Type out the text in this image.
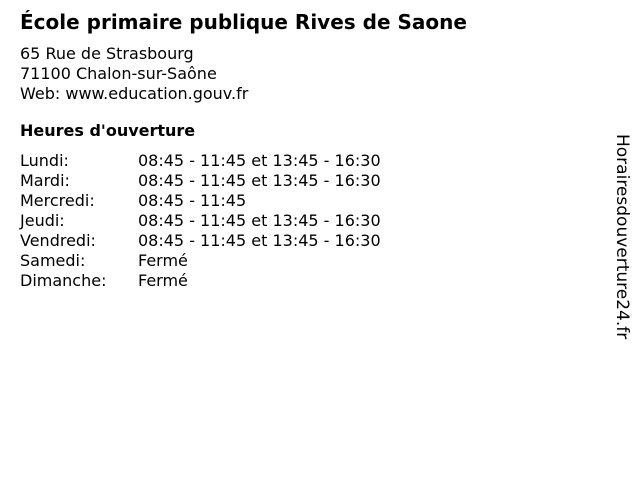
École primaire publique Rives de Saone
65 Rue de Strasbourg
71100 Chalon-sur-Saône
Web: www.education.gouv.fr
Heures d'ouverture
Lundi:	08:45 - 11:45 et 13:45 - 16:30
Mardi:	08:45 - 11:45 et 13:45 - 16:30
Mercredi:	08:45 - 11:45
Jeudi:	08:45 - 11:45 et 13:45 - 16:30
Vendredi:	08:45 - 11:45 et 13:45 - 16:30
Samedi:	Fermé
Dimanche:	Fermé	Horairesdouverture24.fr
